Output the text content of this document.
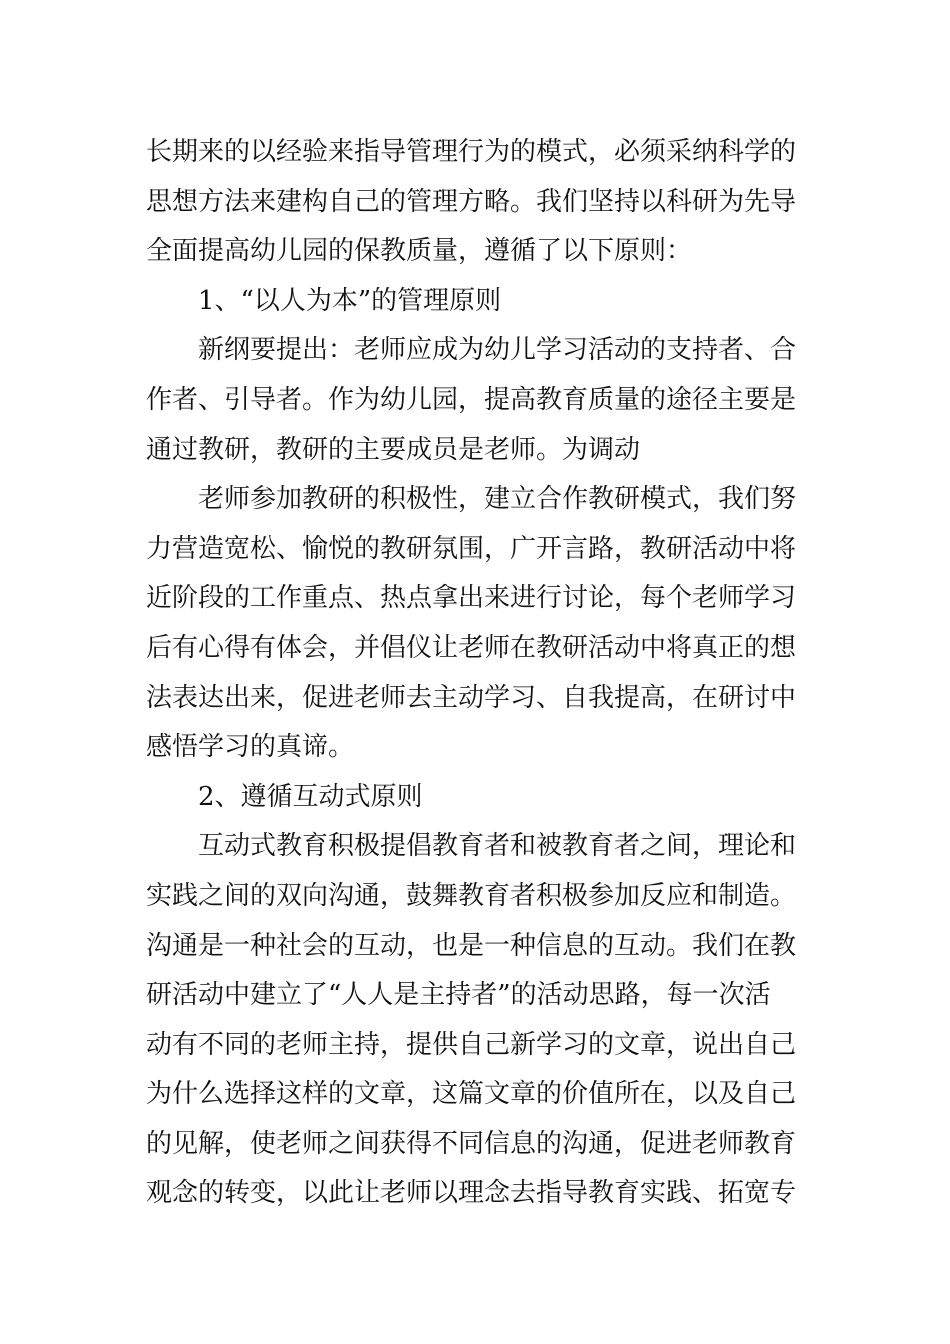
长期来的以经验来指导管理行为的模式，必须采纳科学的
思想方法来建构自己的管理方略。我们坚持以科研为先导
全面提高幼儿园的保教质量，遵循了以下原则：
1、“以人为本”的管理原则
新纲要提出：老师应成为幼儿学习活动的支持者、合
作者、引导者。作为幼儿园，提高教育质量的途径主要是
通过教研，教研的主要成员是老师。为调动
老师参加教研的积极性，建立合作教研模式，我们努
力营造宽松、愉悦的教研氛围，广开言路，教研活动中将
近阶段的工作重点、热点拿出来进行讨论，每个老师学习
后有心得有体会，并倡仪让老师在教研活动中将真正的想
法表达出来，促进老师去主动学习、自我提高，在研讨中
感悟学习的真谛。
2、遵循互动式原则
互动式教育积极提倡教育者和被教育者之间，理论和
实践之间的双向沟通，鼓舞教育者积极参加反应和制造。
沟通是一种社会的互动，也是一种信息的互动。我们在教
研活动中建立了“人人是主持者”的活动思路，每一次活
动有不同的老师主持，提供自己新学习的文章，说出自己
为什么选择这样的文章，这篇文章的价值所在，以及自己
的见解，使老师之间获得不同信息的沟通，促进老师教育
观念的转变，以此让老师以理念去指导教育实践、拓宽专
